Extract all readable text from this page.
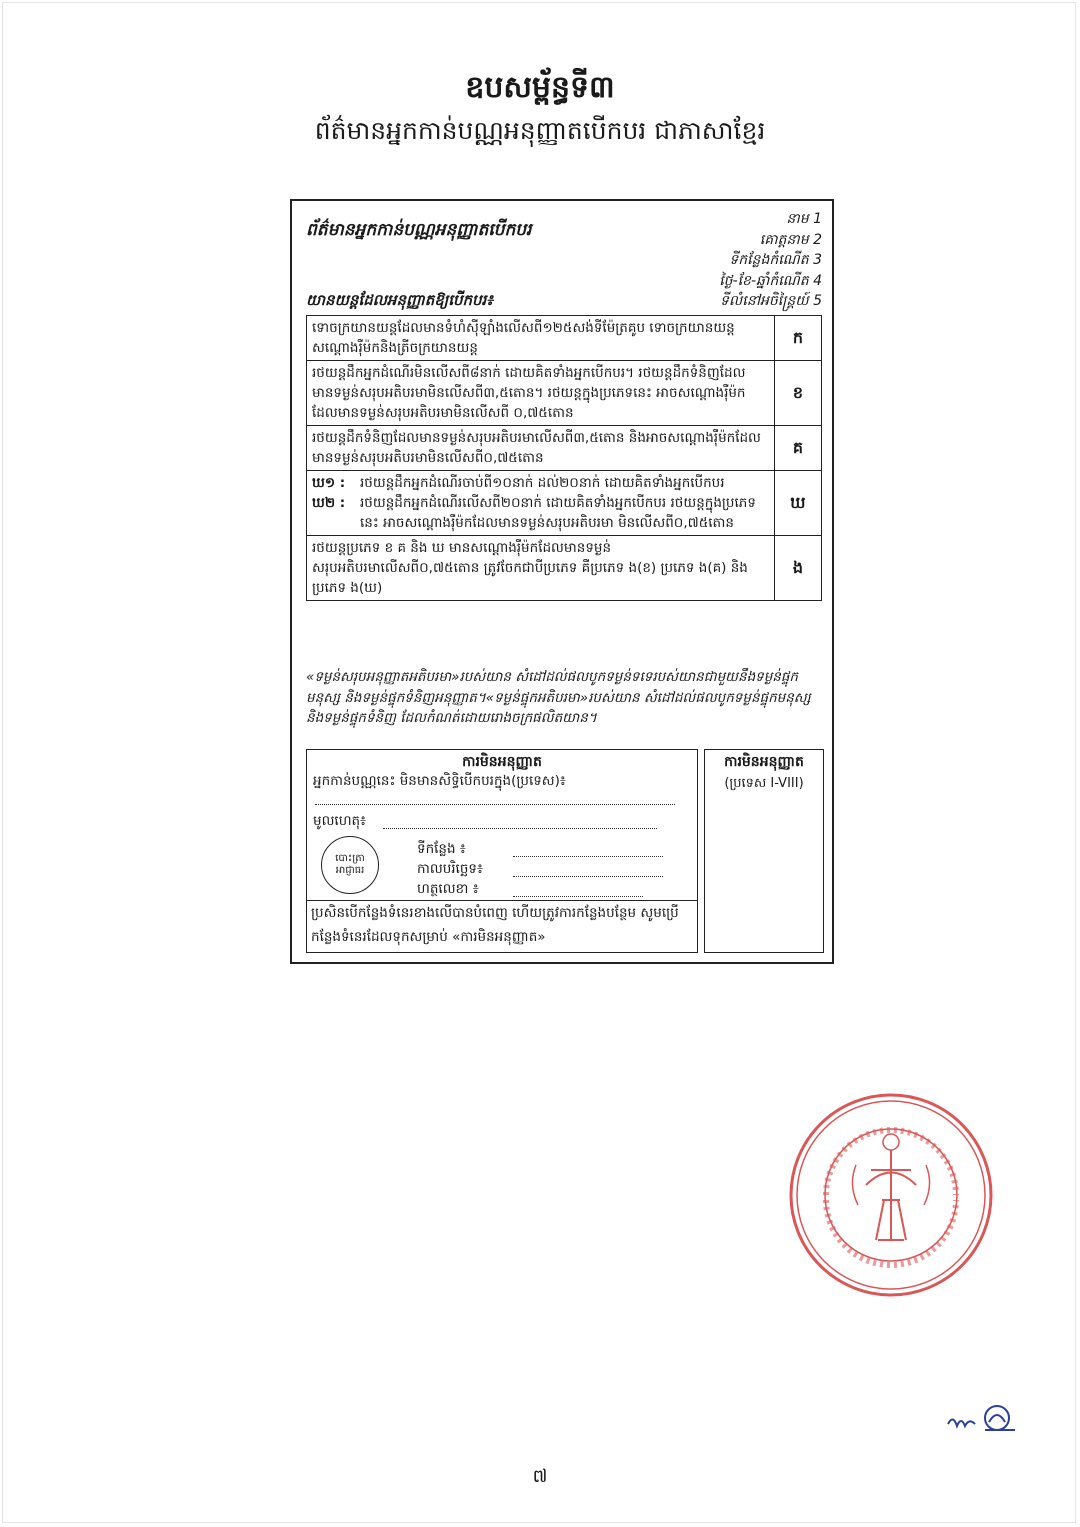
ឧបសម្ព័ន្ធទី៣
ព័ត៌មានអ្នកកាន់បណ្ណអនុញ្ញាតបើកបរ ជាភាសាខ្មែរ
ព័ត៌មានអ្នកកាន់បណ្ណអនុញ្ញាតបើកបរ
នាម 1
គោត្តនាម 2
ទីកន្លែងកំណើត 3
ថ្ងៃ-ខែ-ឆ្នាំកំណើត 4
ទីលំនៅអចិន្ត្រៃយ៍ 5
យានយន្តដែលអនុញ្ញាតឱ្យបើកបរ៖
ទោចក្រយានយន្តដែលមានទំហំស៊ីឡាំងលើសពី១២៥សង់ទីម៉ែត្រគូប ទោចក្រយានយន្តសណ្តោងរ៉ឺម៉កនិងត្រីចក្រយានយន្ត	ក
រថយន្តដឹកអ្នកដំណើរមិនលើសពី៨នាក់ ដោយគិតទាំងអ្នកបើកបរ។ រថយន្តដឹកទំនិញដែលមានទម្ងន់សរុបអតិបរមាមិនលើសពី៣,៥តោន។ រថយន្តក្នុងប្រភេទនេះ អាចសណ្តោងរ៉ឺម៉កដែលមានទម្ងន់សរុបអតិបរមាមិនលើសពី ០,៧៥តោន	ខ
រថយន្តដឹកទំនិញដែលមានទម្ងន់សរុបអតិបរមាលើសពី៣,៥តោន និងអាចសណ្តោងរ៉ឺម៉កដែលមានទម្ងន់សរុបអតិបរមាមិនលើសពី០,៧៥តោន	គ

ឃ១ : រថយន្តដឹកអ្នកដំណើរចាប់ពី១០នាក់ ដល់២០នាក់ ដោយគិតទាំងអ្នកបើកបរ
ឃ២ : រថយន្តដឹកអ្នកដំណើរលើសពី២០នាក់ ដោយគិតទាំងអ្នកបើកបរ រថយន្តក្នុងប្រភេទនេះ អាចសណ្តោងរ៉ឺម៉កដែលមានទម្ងន់សរុបអតិបរមា មិនលើសពី០,៧៥តោន	ឃ
រថយន្តប្រភេទ ខ គ និង ឃ មានសណ្តោងរ៉ឺម៉កដែលមានទម្ងន់សរុបអតិបរមាលើសពី០,៧៥តោន ត្រូវចែកជាបីប្រភេទ គឺប្រភេទ ង(ខ) ប្រភេទ ង(គ) និងប្រភេទ ង(ឃ)	ង
«ទម្ងន់សរុបអនុញ្ញាតអតិបរមា»របស់យាន សំដៅដល់ផលបូកទម្ងន់ទទេរបស់យានជាមួយនឹងទម្ងន់ផ្ទុកមនុស្ស និងទម្ងន់ផ្ទុកទំនិញអនុញ្ញាត។«ទម្ងន់ផ្ទុកអតិបរមា»របស់យាន សំដៅដល់ផលបូកទម្ងន់ផ្ទុកមនុស្ស និងទម្ងន់ផ្ទុកទំនិញ ដែលកំណត់ដោយរោងចក្រផលិតយាន។
ការមិនអនុញ្ញាត
អ្នកកាន់បណ្ណនេះ មិនមានសិទ្ធិបើកបរក្នុង(ប្រទេស)៖
មូលហេតុ៖
បោះត្រា អាជ្ញាធរ
ទីកន្លែង ៖
កាលបរិច្ឆេទ៖
ហត្ថលេខា ៖
ប្រសិនបើកន្លែងទំនេរខាងលើបានបំពេញ ហើយត្រូវការកន្លែងបន្ថែម សូមប្រើកន្លែងទំនេរដែលទុកសម្រាប់ «ការមិនអនុញ្ញាត»
ការមិនអនុញ្ញាត
(ប្រទេស I-VIII)
៧
